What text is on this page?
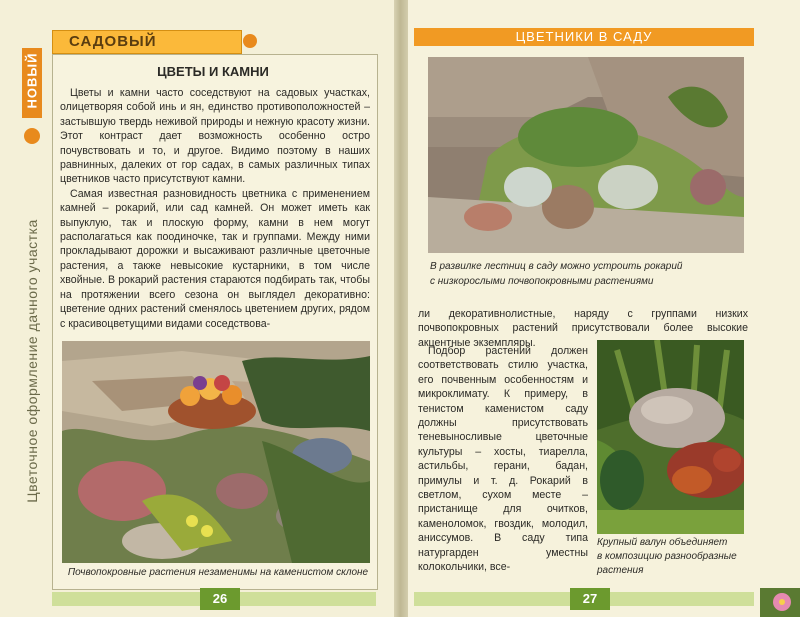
НОВЫЙ
Цветочное оформление дачного участка
САДОВЫЙ
ЦВЕТЫ И КАМНИ

Цветы и камни часто соседствуют на садовых участках, олицетворяя собой инь и ян, единство противоположностей – застывшую твердь неживой природы и нежную красоту жизни. Этот контраст дает возможность особенно остро почувствовать и то, и другое. Видимо поэтому в наших равнинных, далеких от гор садах, в самых различных типах цветников часто присутствуют камни.
Самая известная разновидность цветника с применением камней – рокарий, или сад камней. Он может иметь как выпуклую, так и плоскую форму, камни в нем могут располагаться как поодиночке, так и группами. Между ними прокладывают дорожки и высаживают различные цветочные растения, а также невысокие кустарники, в том числе хвойные. В рокарий растения стараются подбирать так, чтобы на протяжении всего сезона он выглядел декоративно: цветение одних растений сменялось цветением других, рядом с красивоцветущими видами соседствова-

Почвопокровные растения незаменимы на каменистом склоне
26
ЦВЕТНИКИ В САДУ
В развилке лестниц в саду можно устроить рокарий
с низкорослыми почвопокровными растениями

ли декоративнолистные, наряду с группами низких почвопокровных растений присутствовали более высокие акцентные экземпляры.

Подбор растений должен соответствовать стилю участка, его почвенным особенностям и микроклимату. К примеру, в тенистом каменистом саду должны присутствовать теневыносливые цветочные культуры – хосты, тиарелла, астильбы, герани, бадан, примулы и т. д. Рокарий в светлом, сухом месте – пристанище для очитков, каменоломок, гвоздик, молодил, анисcумов. В саду типа натургарден уместны колокольчики, все-

Крупный валун объединяет
в композицию разнообразные
растения
27
